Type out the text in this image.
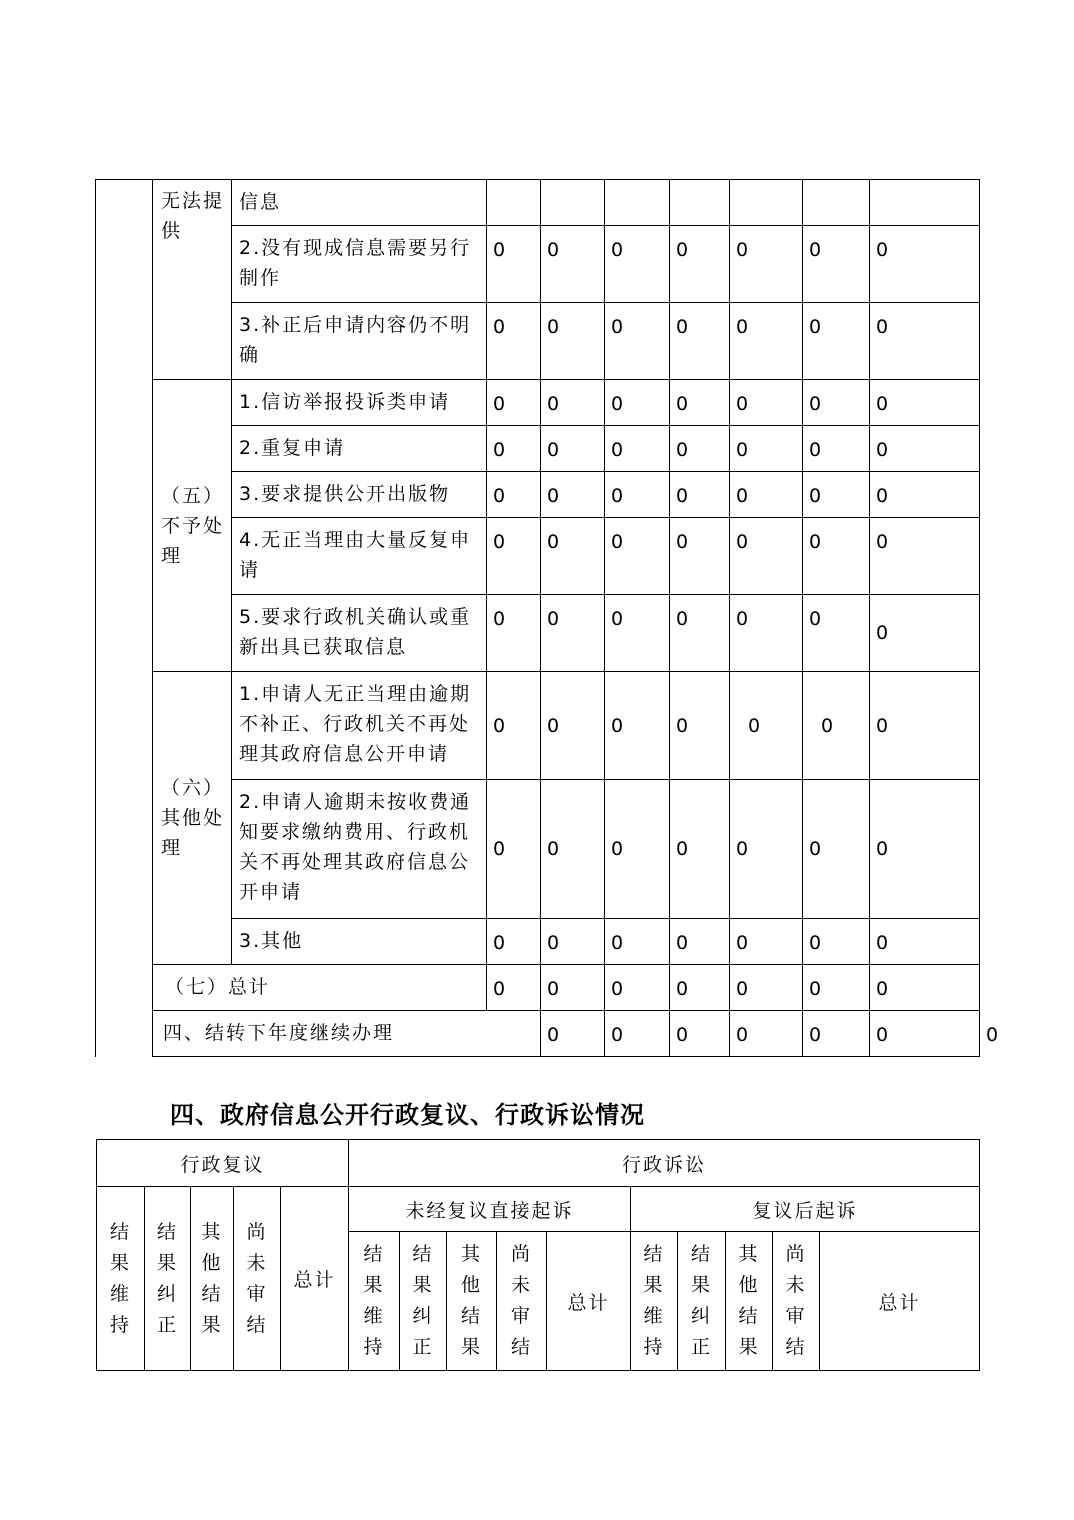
	无法提供	信息								
		2.没有现成信息需要另行制作	0	0	0	0	0	0	0	
		3.补正后申请内容仍不明确	0	0	0	0	0	0	0	
	（五）不予处理	1.信访举报投诉类申请	0	0	0	0	0	0	0	
		2.重复申请	0	0	0	0	0	0	0	
		3.要求提供公开出版物	0	0	0	0	0	0	0	
		4.无正当理由大量反复申请	0	0	0	0	0	0	0	
		5.要求行政机关确认或重新出具已获取信息	0	0	0	0	0	0	0	
	（六）其他处理	1.申请人无正当理由逾期不补正、行政机关不再处理其政府信息公开申请	0	0	0	0	0	0	0	
		2.申请人逾期未按收费通知要求缴纳费用、行政机关不再处理其政府信息公开申请	0	0	0	0	0	0	0	
		3.其他	0	0	0	0	0	0	0	
	（七）总计		0	0	0	0	0	0	0	
	四、结转下年度继续办理			0	0	0	0	0	0	0
四、政府信息公开行政复议、行政诉讼情况
行政复议					行政诉讼									
结果维持	结果纠正	其他结果	尚未审结	总计	未经复议直接起诉					复议后起诉				
					结果维持	结果纠正	其他结果	尚未审结	总计	结果维持	结果纠正	其他结果	尚未审结	总计
